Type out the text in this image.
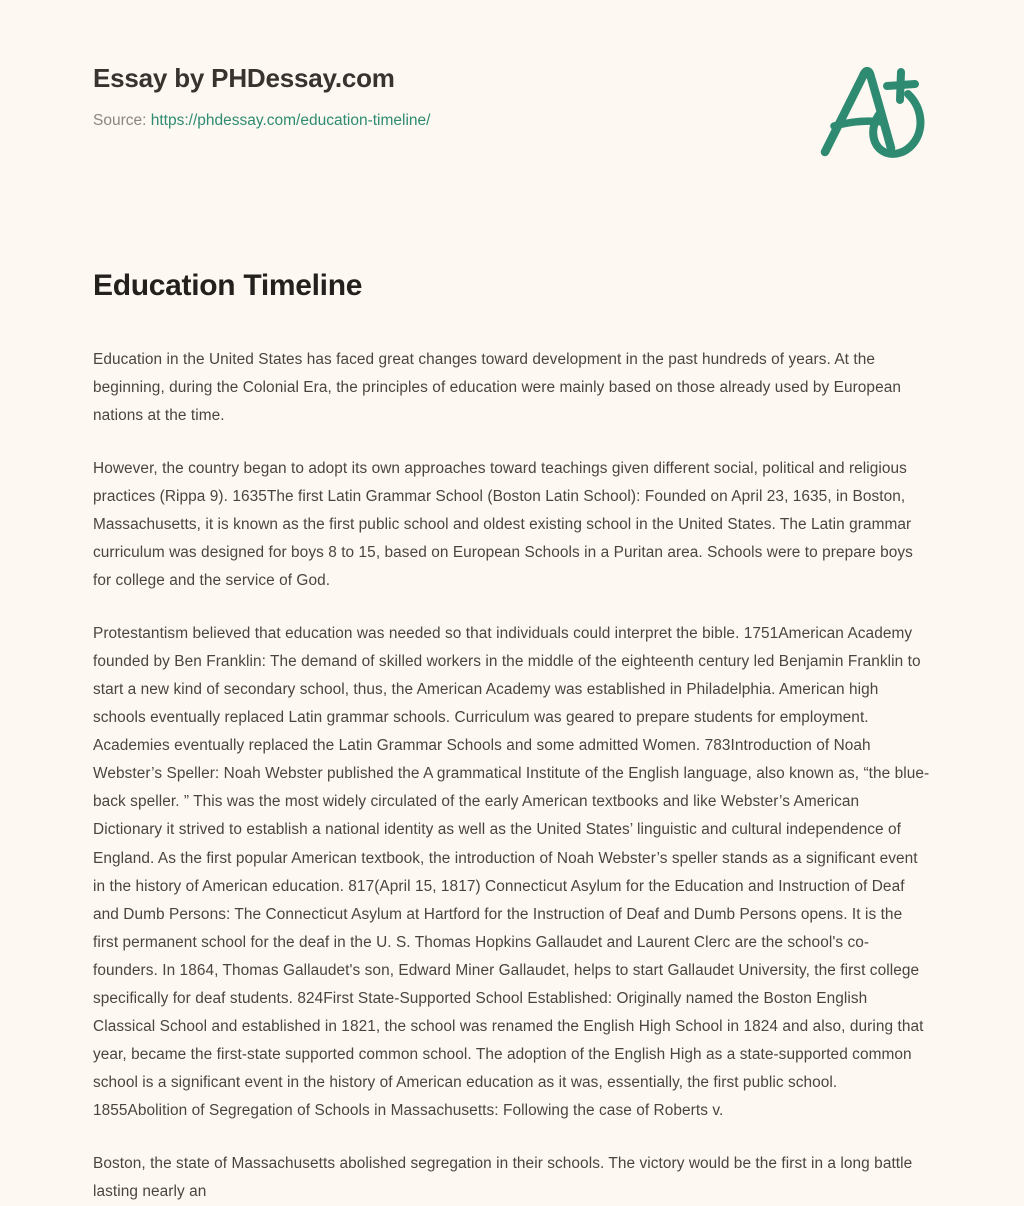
Essay by PHDessay.com
Source: https://phdessay.com/education-timeline/
Education Timeline

Education in the United States has faced great changes toward development in the past hundreds of years. At the beginning, during the Colonial Era, the principles of education were mainly based on those already used by European nations at the time.

However, the country began to adopt its own approaches toward teachings given different social, political and religious practices (Rippa 9). 1635The first Latin Grammar School (Boston Latin School): Founded on April 23, 1635, in Boston, Massachusetts, it is known as the first public school and oldest existing school in the United States. The Latin grammar curriculum was designed for boys 8 to 15, based on European Schools in a Puritan area. Schools were to prepare boys for college and the service of God.

Protestantism believed that education was needed so that individuals could interpret the bible. 1751American Academy founded by Ben Franklin: The demand of skilled workers in the middle of the eighteenth century led Benjamin Franklin to start a new kind of secondary school, thus, the American Academy was established in Philadelphia. American high schools eventually replaced Latin grammar schools. Curriculum was geared to prepare students for employment. Academies eventually replaced the Latin Grammar Schools and some admitted Women. 783Introduction of Noah Webster’s Speller: Noah Webster published the A grammatical Institute of the English language, also known as, “the blue-back speller. ” This was the most widely circulated of the early American textbooks and like Webster’s American Dictionary it strived to establish a national identity as well as the United States’ linguistic and cultural independence of England. As the first popular American textbook, the introduction of Noah Webster’s speller stands as a significant event in the history of American education. 817(April 15, 1817) Connecticut Asylum for the Education and Instruction of Deaf and Dumb Persons: The Connecticut Asylum at Hartford for the Instruction of Deaf and Dumb Persons opens. It is the first permanent school for the deaf in the U. S. Thomas Hopkins Gallaudet and Laurent Clerc are the school's co-founders. In 1864, Thomas Gallaudet's son, Edward Miner Gallaudet, helps to start Gallaudet University, the first college specifically for deaf students. 824First State-Supported School Established: Originally named the Boston English Classical School and established in 1821, the school was renamed the English High School in 1824 and also, during that year, became the first-state supported common school. The adoption of the English High as a state-supported common school is a significant event in the history of American education as it was, essentially, the first public school. 1855Abolition of Segregation of Schools in Massachusetts: Following the case of Roberts v.

Boston, the state of Massachusetts abolished segregation in their schools. The victory would be the first in a long battle lasting nearly an
